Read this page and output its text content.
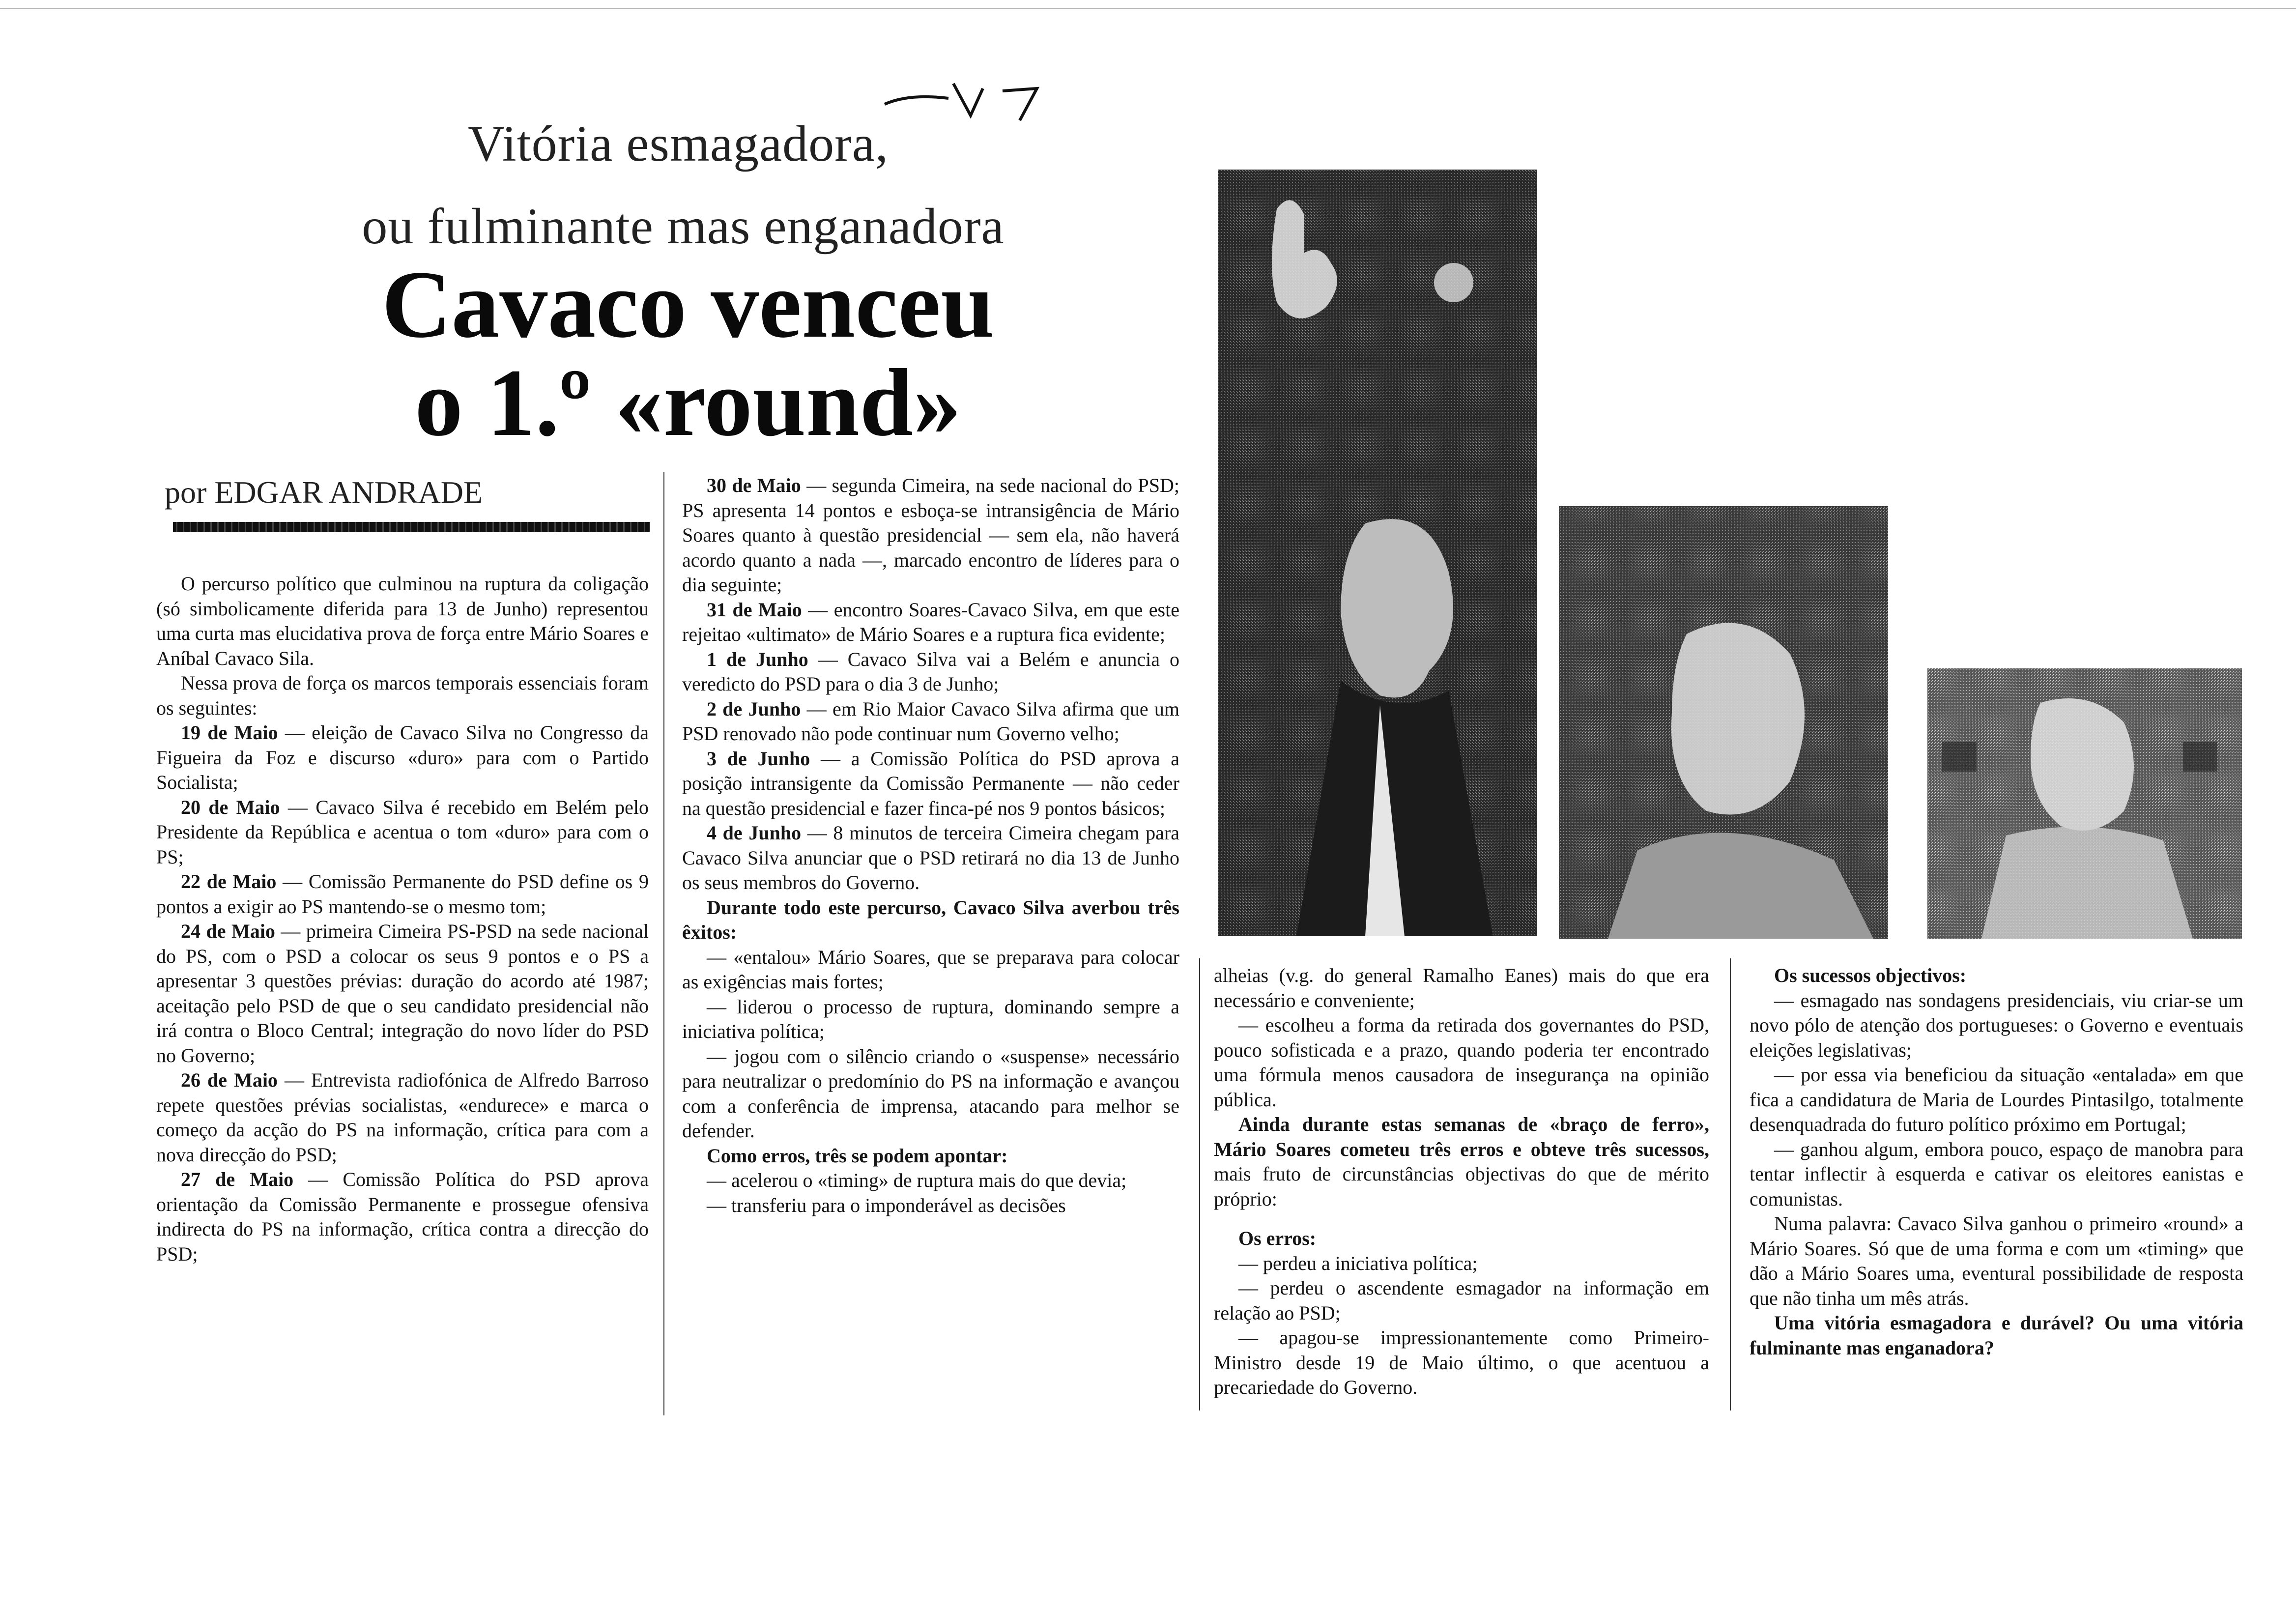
Vitória esmagadora,
ou fulminante mas enganadora
Cavaco venceu
o 1.º «round»
por EDGAR ANDRADE

O percurso político que culminou na ruptura da coligação (só simbolicamente diferida para 13 de Junho) representou uma curta mas elucidativa prova de força entre Mário Soares e Aníbal Cavaco Sila.

Nessa prova de força os marcos temporais essenciais foram os seguintes:

19 de Maio — eleição de Cavaco Silva no Congresso da Figueira da Foz e discurso «duro» para com o Partido Socialista;

20 de Maio — Cavaco Silva é recebido em Belém pelo Presidente da República e acentua o tom «duro» para com o PS;

22 de Maio — Comissão Permanente do PSD define os 9 pontos a exigir ao PS mantendo-se o mesmo tom;

24 de Maio — primeira Cimeira PS-PSD na sede nacional do PS, com o PSD a colocar os seus 9 pontos e o PS a apresentar 3 questões prévias: duração do acordo até 1987; aceitação pelo PSD de que o seu candidato presidencial não irá contra o Bloco Central; integração do novo líder do PSD no Governo;

26 de Maio — Entrevista radiofónica de Alfredo Barroso repete questões prévias socialistas, «endurece» e marca o começo da acção do PS na informação, crítica para com a nova direcção do PSD;

27 de Maio — Comissão Política do PSD aprova orientação da Comissão Permanente e prossegue ofensiva indirecta do PS na informação, crítica contra a direcção do PSD;

30 de Maio — segunda Cimeira, na sede nacional do PSD; PS apresenta 14 pontos e esboça-se intransigência de Mário Soares quanto à questão presidencial — sem ela, não haverá acordo quanto a nada —, marcado encontro de líderes para o dia seguinte;

31 de Maio — encontro Soares-Cavaco Silva, em que este rejeitao «ultimato» de Mário Soares e a ruptura fica evidente;

1 de Junho — Cavaco Silva vai a Belém e anuncia o veredicto do PSD para o dia 3 de Junho;

2 de Junho — em Rio Maior Cavaco Silva afirma que um PSD renovado não pode continuar num Governo velho;

3 de Junho — a Comissão Política do PSD aprova a posição intransigente da Comissão Permanente — não ceder na questão presidencial e fazer finca-pé nos 9 pontos básicos;

4 de Junho — 8 minutos de terceira Cimeira chegam para Cavaco Silva anunciar que o PSD retirará no dia 13 de Junho os seus membros do Governo.

Durante todo este percurso, Cavaco Silva averbou três êxitos:

— «entalou» Mário Soares, que se preparava para colocar as exigências mais fortes;

— liderou o processo de ruptura, dominando sempre a iniciativa política;

— jogou com o silêncio criando o «suspense» necessário para neutralizar o predomínio do PS na informação e avançou com a conferência de imprensa, atacando para melhor se defender.

Como erros, três se podem apontar:

— acelerou o «timing» de ruptura mais do que devia;

— transferiu para o imponderável as decisões

alheias (v.g. do general Ramalho Eanes) mais do que era necessário e conveniente;

— escolheu a forma da retirada dos governantes do PSD, pouco sofisticada e a prazo, quando poderia ter encontrado uma fórmula menos causadora de insegurança na opinião pública.

Ainda durante estas semanas de «braço de ferro», Mário Soares cometeu três erros e obteve três sucessos, mais fruto de circunstâncias objectivas do que de mérito próprio:

Os erros:

— perdeu a iniciativa política;

— perdeu o ascendente esmagador na informação em relação ao PSD;

— apagou-se impressionantemente como Primeiro-Ministro desde 19 de Maio último, o que acentuou a precariedade do Governo.

Os sucessos objectivos:

— esmagado nas sondagens presidenciais, viu criar-se um novo pólo de atenção dos portugueses: o Governo e eventuais eleições legislativas;

— por essa via beneficiou da situação «entalada» em que fica a candidatura de Maria de Lourdes Pintasilgo, totalmente desenquadrada do futuro político próximo em Portugal;

— ganhou algum, embora pouco, espaço de manobra para tentar inflectir à esquerda e cativar os eleitores eanistas e comunistas.

Numa palavra: Cavaco Silva ganhou o primeiro «round» a Mário Soares. Só que de uma forma e com um «timing» que dão a Mário Soares uma, eventural possibilidade de resposta que não tinha um mês atrás.

Uma vitória esmagadora e durável? Ou uma vitória fulminante mas enganadora?
